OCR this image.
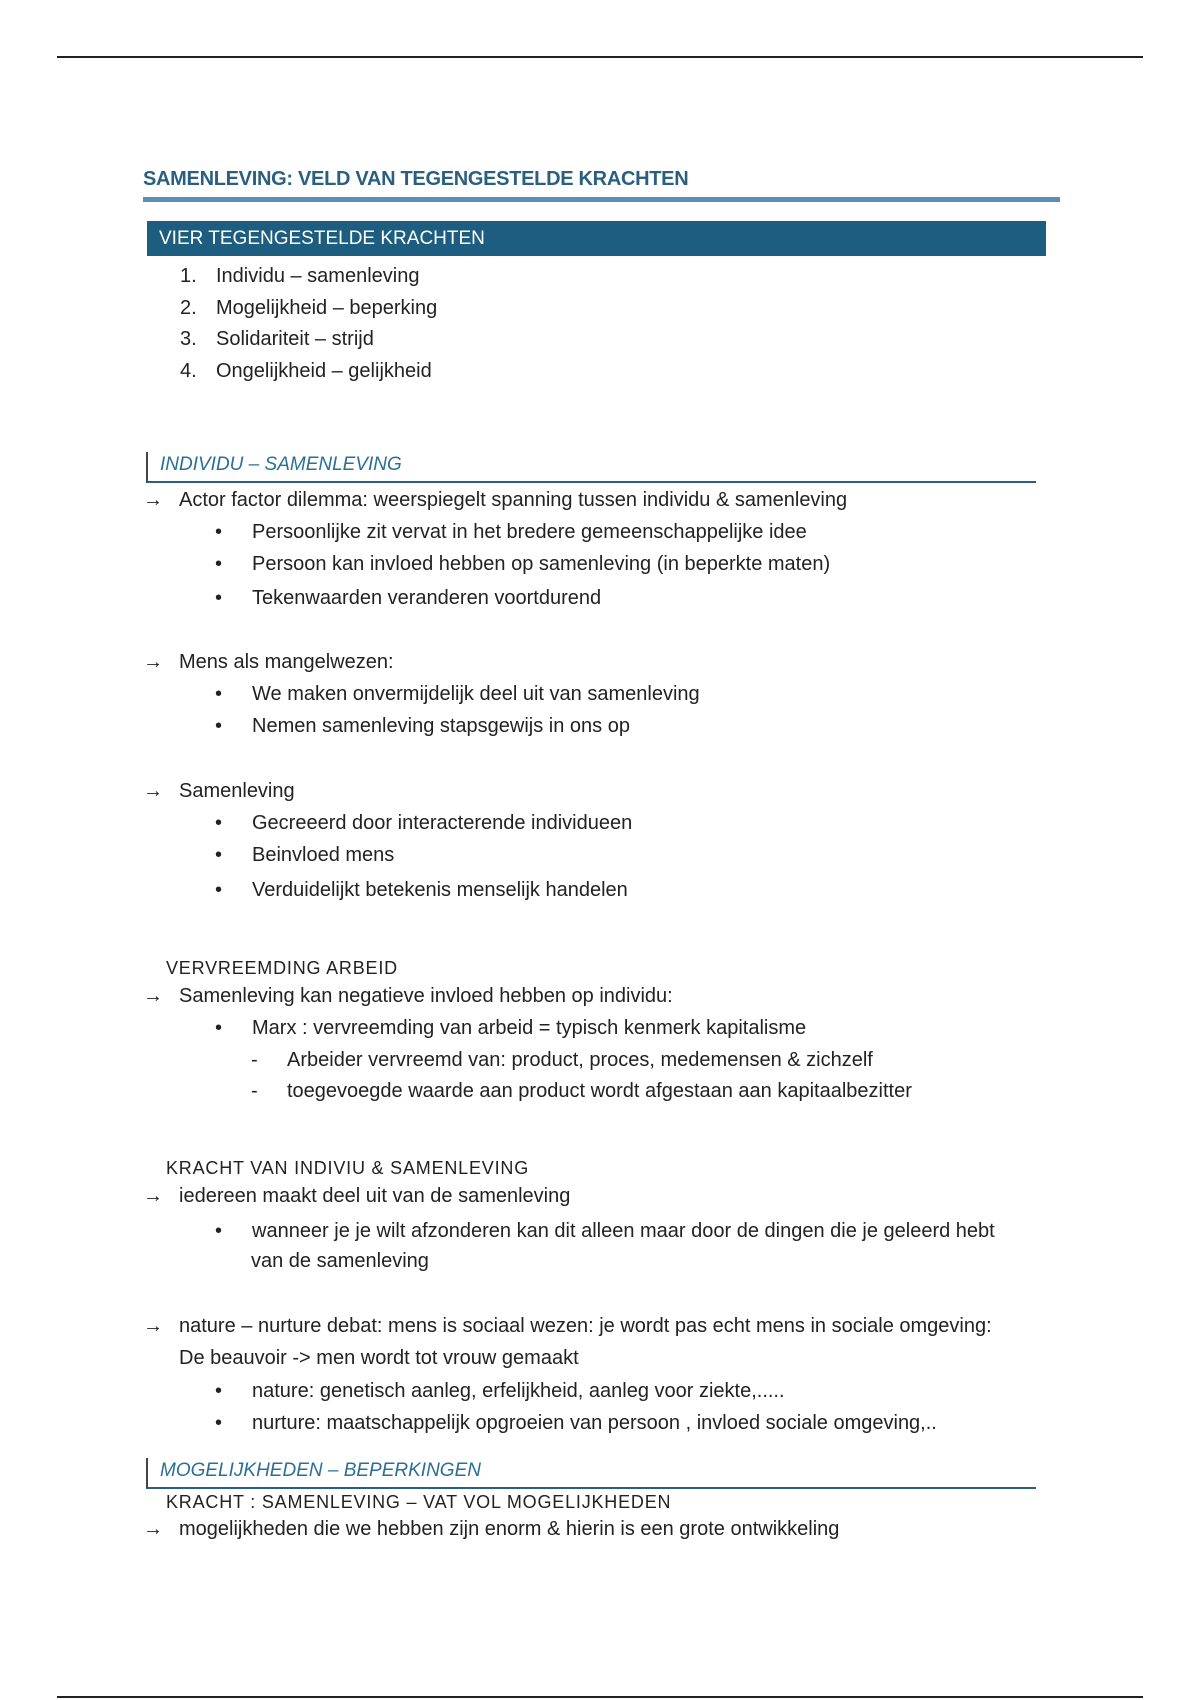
SAMENLEVING: VELD VAN TEGENGESTELDE KRACHTEN
VIER TEGENGESTELDE KRACHTEN
1. Individu – samenleving
2. Mogelijkheid – beperking
3. Solidariteit – strijd
4. Ongelijkheid – gelijkheid
INDIVIDU – SAMENLEVING
→ Actor factor dilemma: weerspiegelt spanning tussen individu & samenleving
• Persoonlijke zit vervat in het bredere gemeenschappelijke idee
• Persoon kan invloed hebben op samenleving (in beperkte maten)
• Tekenwaarden veranderen voortdurend
→ Mens als mangelwezen:
• We maken onvermijdelijk deel uit van samenleving
• Nemen samenleving stapsgewijs in ons op
→ Samenleving
• Gecreeerd door interacterende individueen
• Beinvloed mens
• Verduidelijkt betekenis menselijk handelen
VERVREEMDING ARBEID
→ Samenleving kan negatieve invloed hebben op individu:
• Marx : vervreemding van arbeid = typisch kenmerk kapitalisme
- Arbeider vervreemd van: product, proces, medemensen & zichzelf
- toegevoegde waarde aan product wordt afgestaan aan kapitaalbezitter
KRACHT VAN INDIVIU & SAMENLEVING
→ iedereen maakt deel uit van de samenleving
• wanneer je je wilt afzonderen kan dit alleen maar door de dingen die je geleerd hebt
van de samenleving
→ nature – nurture debat: mens is sociaal wezen: je wordt pas echt mens in sociale omgeving:
De beauvoir -> men wordt tot vrouw gemaakt
• nature: genetisch aanleg, erfelijkheid, aanleg voor ziekte,.....
• nurture: maatschappelijk opgroeien van persoon , invloed sociale omgeving,..
MOGELIJKHEDEN – BEPERKINGEN
KRACHT : SAMENLEVING – VAT VOL MOGELIJKHEDEN
→ mogelijkheden die we hebben zijn enorm & hierin is een grote ontwikkeling
